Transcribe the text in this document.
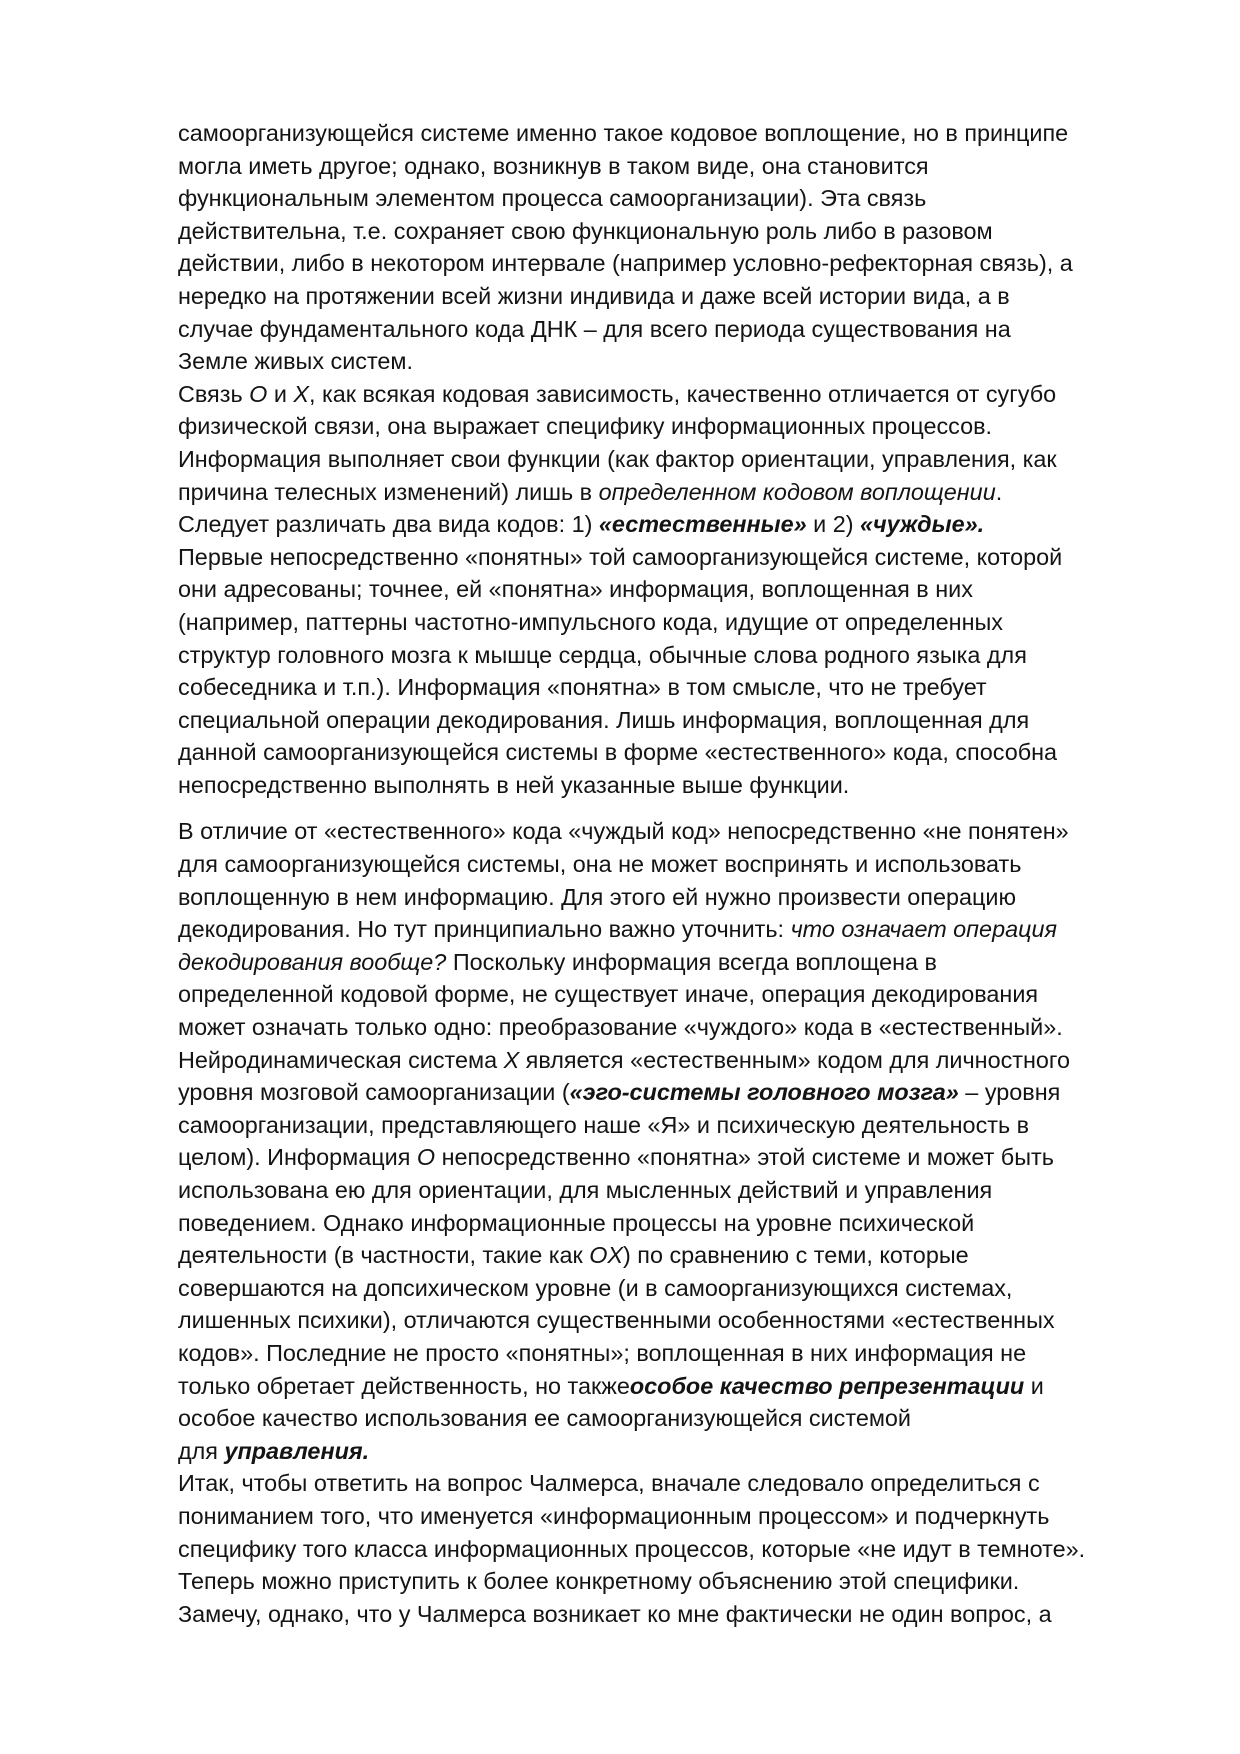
самоорганизующейся системе именно такое кодовое воплощение, но в принципе
могла иметь другое; однако, возникнув в таком виде, она становится
функциональным элементом процесса самоорганизации). Эта связь
действительна, т.е. сохраняет свою функциональную роль либо в разовом
действии, либо в некотором интервале (например условно-рефекторная связь), а
нередко на протяжении всей жизни индивида и даже всей истории вида, а в
случае фундаментального кода ДНК – для всего периода существования на
Земле живых систем.

Связь O и X, как всякая кодовая зависимость, качественно отличается от сугубо
физической связи, она выражает специфику информационных процессов.
Информация выполняет свои функции (как фактор ориентации, управления, как
причина телесных изменений) лишь в определенном кодовом воплощении.
Следует различать два вида кодов: 1) «естественные» и 2) «чуждые».
Первые непосредственно «понятны» той самоорганизующейся системе, которой
они адресованы; точнее, ей «понятна» информация, воплощенная в них
(например, паттерны частотно-импульсного кода, идущие от определенных
структур головного мозга к мышце сердца, обычные слова родного языка для
собеседника и т.п.). Информация «понятна» в том смысле, что не требует
специальной операции декодирования. Лишь информация, воплощенная для
данной самоорганизующейся системы в форме «естественного» кода, способна
непосредственно выполнять в ней указанные выше функции.

В отличие от «естественного» кода «чуждый код» непосредственно «не понятен»
для самоорганизующейся системы, она не может воспринять и использовать
воплощенную в нем информацию. Для этого ей нужно произвести операцию
декодирования. Но тут принципиально важно уточнить: что означает операция
декодирования вообще? Поскольку информация всегда воплощена в
определенной кодовой форме, не существует иначе, операция декодирования
может означать только одно: преобразование «чуждого» кода в «естественный».
Нейродинамическая система X является «естественным» кодом для личностного
уровня мозговой самоорганизации («эго-системы головного мозга» – уровня
самоорганизации, представляющего наше «Я» и психическую деятельность в
целом). Информация O непосредственно «понятна» этой системе и может быть
использована ею для ориентации, для мысленных действий и управления
поведением. Однако информационные процессы на уровне психической
деятельности (в частности, такие как OX) по сравнению с теми, которые
совершаются на допсихическом уровне (и в самоорганизующихся системах,
лишенных психики), отличаются существенными особенностями «естественных
кодов». Последние не просто «понятны»; воплощенная в них информация не
только обретает действенность, но такжеособое качество репрезентации и
особое качество использования ее самоорганизующейся системой
для управления.

Итак, чтобы ответить на вопрос Чалмерса, вначале следовало определиться с
пониманием того, что именуется «информационным процессом» и подчеркнуть
специфику того класса информационных процессов, которые «не идут в темноте».
Теперь можно приступить к более конкретному объяснению этой специфики.
Замечу, однако, что у Чалмерса возникает ко мне фактически не один вопрос, а
